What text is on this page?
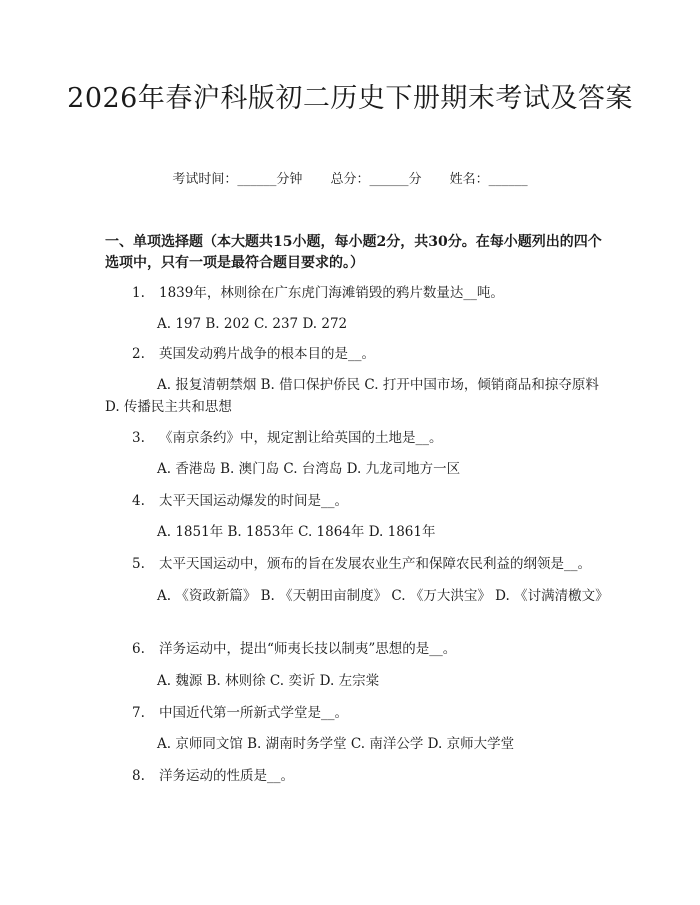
2026年春沪科版初二历史下册期末考试及答案
考试时间：______分钟 总分：______分 姓名：______
一、单项选择题（本大题共15小题，每小题2分，共30分。在每小题列出的四个选项中，只有一项是最符合题目要求的。）
1. 1839年，林则徐在广东虎门海滩销毁的鸦片数量达__吨。
A. 197 B. 202 C. 237 D. 272
2. 英国发动鸦片战争的根本目的是__。
A. 报复清朝禁烟 B. 借口保护侨民 C. 打开中国市场，倾销商品和掠夺原料 D. 传播民主共和思想
3. 《南京条约》中，规定割让给英国的土地是__。
A. 香港岛 B. 澳门岛 C. 台湾岛 D. 九龙司地方一区
4. 太平天国运动爆发的时间是__。
A. 1851年 B. 1853年 C. 1864年 D. 1861年
5. 太平天国运动中，颁布的旨在发展农业生产和保障农民利益的纲领是__。
A. 《资政新篇》 B. 《天朝田亩制度》 C. 《万大洪宝》 D. 《讨满清檄文》
6. 洋务运动中，提出“师夷长技以制夷”思想的是__。
A. 魏源 B. 林则徐 C. 奕䜣 D. 左宗棠
7. 中国近代第一所新式学堂是__。
A. 京师同文馆 B. 湖南时务学堂 C. 南洋公学 D. 京师大学堂
8. 洋务运动的性质是__。
